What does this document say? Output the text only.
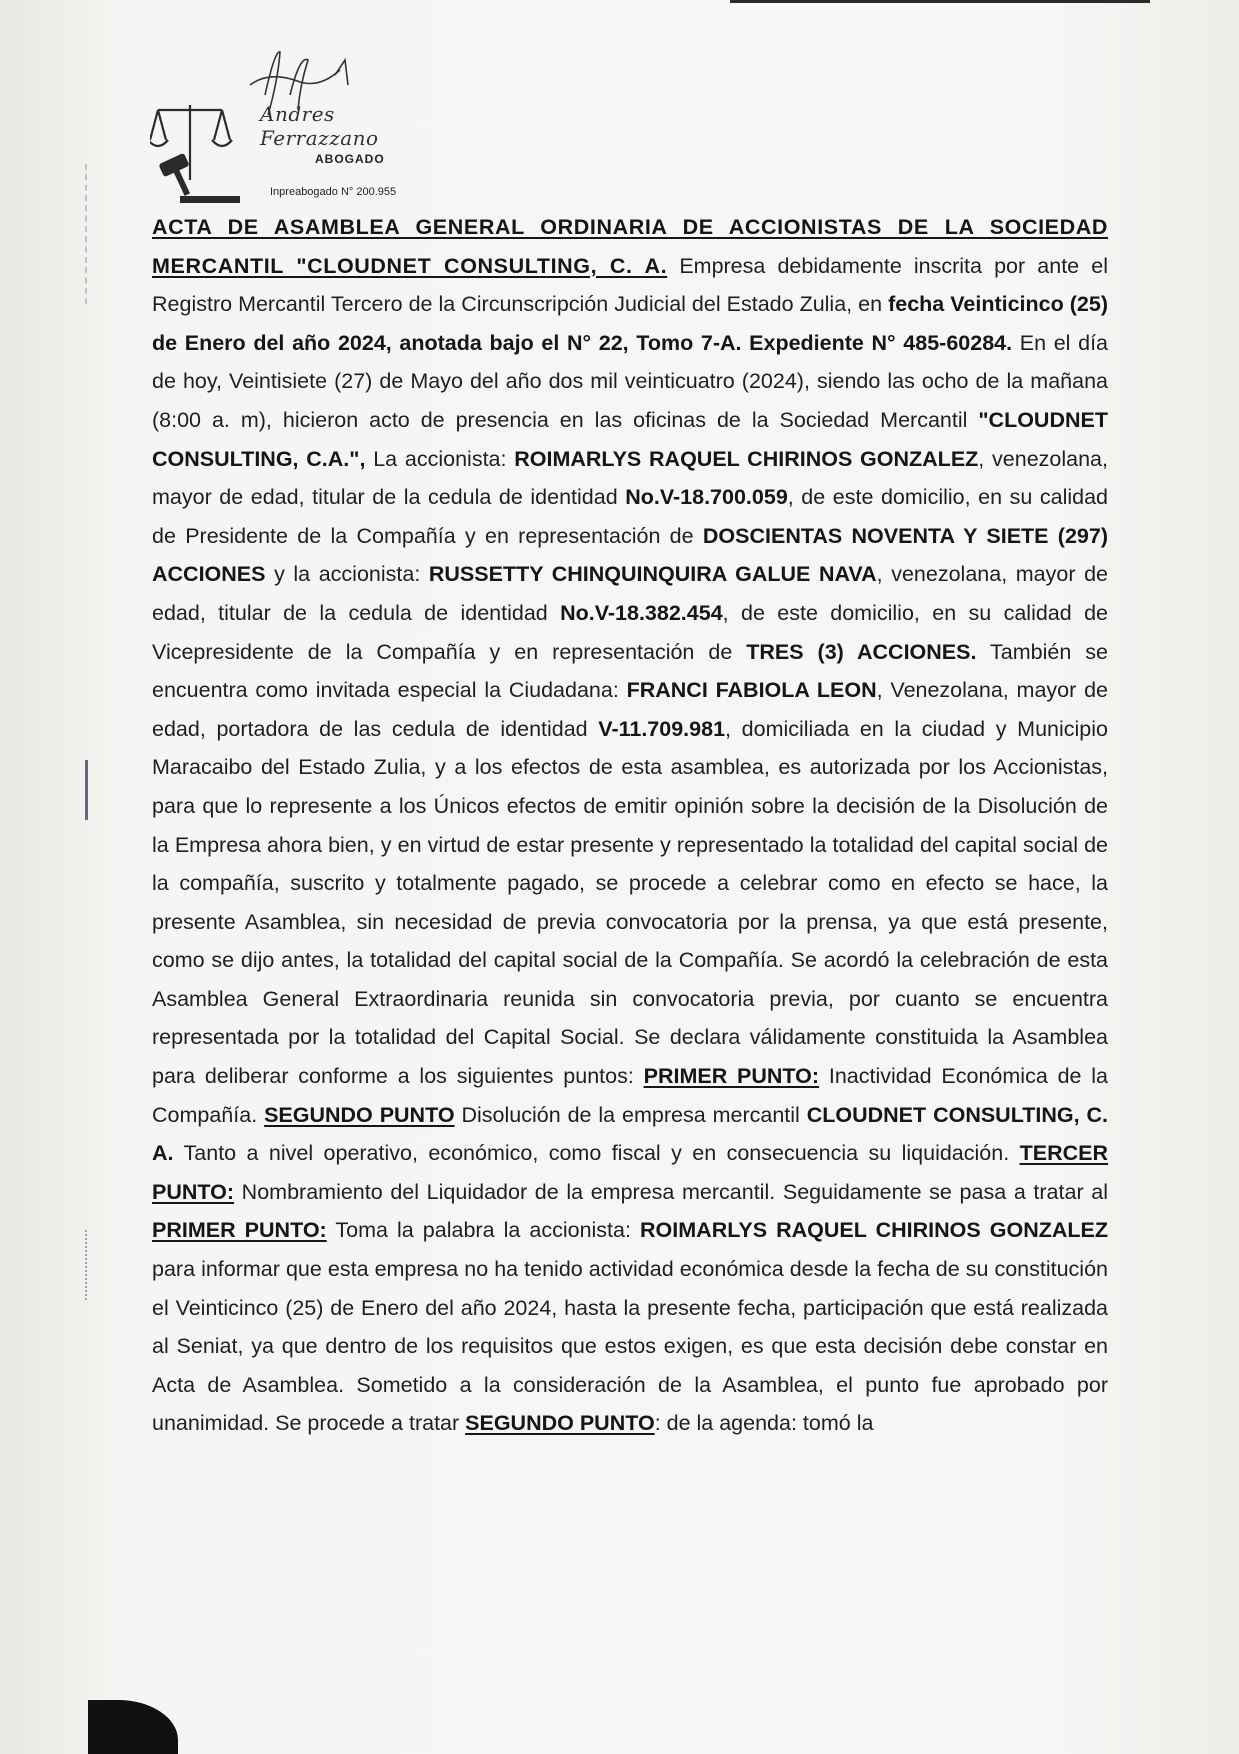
Andres Ferrazzano
ABOGADO
Inpreabogado N° 200.955

ACTA DE ASAMBLEA GENERAL ORDINARIA DE ACCIONISTAS DE LA SOCIEDAD MERCANTIL "CLOUDNET CONSULTING, C. A. Empresa debidamente inscrita por ante el Registro Mercantil Tercero de la Circunscripción Judicial del Estado Zulia, en fecha Veinticinco (25) de Enero del año 2024, anotada bajo el N° 22, Tomo 7-A. Expediente N° 485-60284. En el día de hoy, Veintisiete (27) de Mayo del año dos mil veinticuatro (2024), siendo las ocho de la mañana (8:00 a. m), hicieron acto de presencia en las oficinas de la Sociedad Mercantil "CLOUDNET CONSULTING, C.A.", La accionista: ROIMARLYS RAQUEL CHIRINOS GONZALEZ, venezolana, mayor de edad, titular de la cedula de identidad No.V-18.700.059, de este domicilio, en su calidad de Presidente de la Compañía y en representación de DOSCIENTAS NOVENTA Y SIETE (297) ACCIONES y la accionista: RUSSETTY CHINQUINQUIRA GALUE NAVA, venezolana, mayor de edad, titular de la cedula de identidad No.V-18.382.454, de este domicilio, en su calidad de Vicepresidente de la Compañía y en representación de TRES (3) ACCIONES. También se encuentra como invitada especial la Ciudadana: FRANCI FABIOLA LEON, Venezolana, mayor de edad, portadora de las cedula de identidad V-11.709.981, domiciliada en la ciudad y Municipio Maracaibo del Estado Zulia, y a los efectos de esta asamblea, es autorizada por los Accionistas, para que lo represente a los Únicos efectos de emitir opinión sobre la decisión de la Disolución de la Empresa ahora bien, y en virtud de estar presente y representado la totalidad del capital social de la compañía, suscrito y totalmente pagado, se procede a celebrar como en efecto se hace, la presente Asamblea, sin necesidad de previa convocatoria por la prensa, ya que está presente, como se dijo antes, la totalidad del capital social de la Compañía. Se acordó la celebración de esta Asamblea General Extraordinaria reunida sin convocatoria previa, por cuanto se encuentra representada por la totalidad del Capital Social. Se declara válidamente constituida la Asamblea para deliberar conforme a los siguientes puntos: PRIMER PUNTO: Inactividad Económica de la Compañía. SEGUNDO PUNTO Disolución de la empresa mercantil CLOUDNET CONSULTING, C. A. Tanto a nivel operativo, económico, como fiscal y en consecuencia su liquidación. TERCER PUNTO: Nombramiento del Liquidador de la empresa mercantil. Seguidamente se pasa a tratar al PRIMER PUNTO: Toma la palabra la accionista: ROIMARLYS RAQUEL CHIRINOS GONZALEZ para informar que esta empresa no ha tenido actividad económica desde la fecha de su constitución el Veinticinco (25) de Enero del año 2024, hasta la presente fecha, participación que está realizada al Seniat, ya que dentro de los requisitos que estos exigen, es que esta decisión debe constar en Acta de Asamblea. Sometido a la consideración de la Asamblea, el punto fue aprobado por unanimidad. Se procede a tratar SEGUNDO PUNTO: de la agenda: tomó la
